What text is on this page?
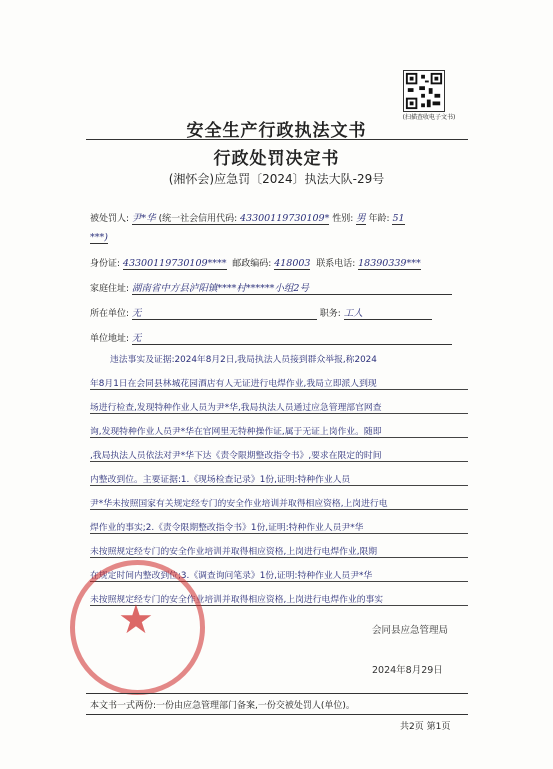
(扫描查收电子文书)
安全生产行政执法文书
行政处罚决定书
(湘怀会)应急罚〔2024〕执法大队-29号
被处罚人: 尹*华 (统一社会信用代码: 43300119730109* 性别: 男 年龄: 51
***)
身份证: 43300119730109**** 邮政编码: 418003 联系电话: 18390339***
家庭住址: 湖南省中方县泸阳镇****村******小组2号
所在单位: 无	职务: 工人
单位地址: 无
违法事实及证据:2024年8月2日,我局执法人员接到群众举报,称2024
年8月1日在会同县林城花园酒店有人无证进行电焊作业,我局立即派人到现
场进行检查,发现特种作业人员为尹*华,我局执法人员通过应急管理部官网查
询,发现特种作业人员尹*华在官网里无特种操作证,属于无证上岗作业。随即
,我局执法人员依法对尹*华下达《责令限期整改指令书》,要求在限定的时间
内整改到位。主要证据:1.《现场检查记录》1份,证明:特种作业人员
尹*华未按照国家有关规定经专门的安全作业培训并取得相应资格,上岗进行电
焊作业的事实;2.《责令限期整改指令书》1份,证明:特种作业人员尹*华
未按照规定经专门的安全作业培训并取得相应资格,上岗进行电焊作业,限期
在规定时间内整改到位;3.《调查询问笔录》1份,证明:特种作业人员尹*华
未按照规定经专门的安全作业培训并取得相应资格,上岗进行电焊作业的事实
★	会同县应急管理局
2024年8月29日
本文书一式两份:一份由应急管理部门备案,一份交被处罚人(单位)。
共2页 第1页
